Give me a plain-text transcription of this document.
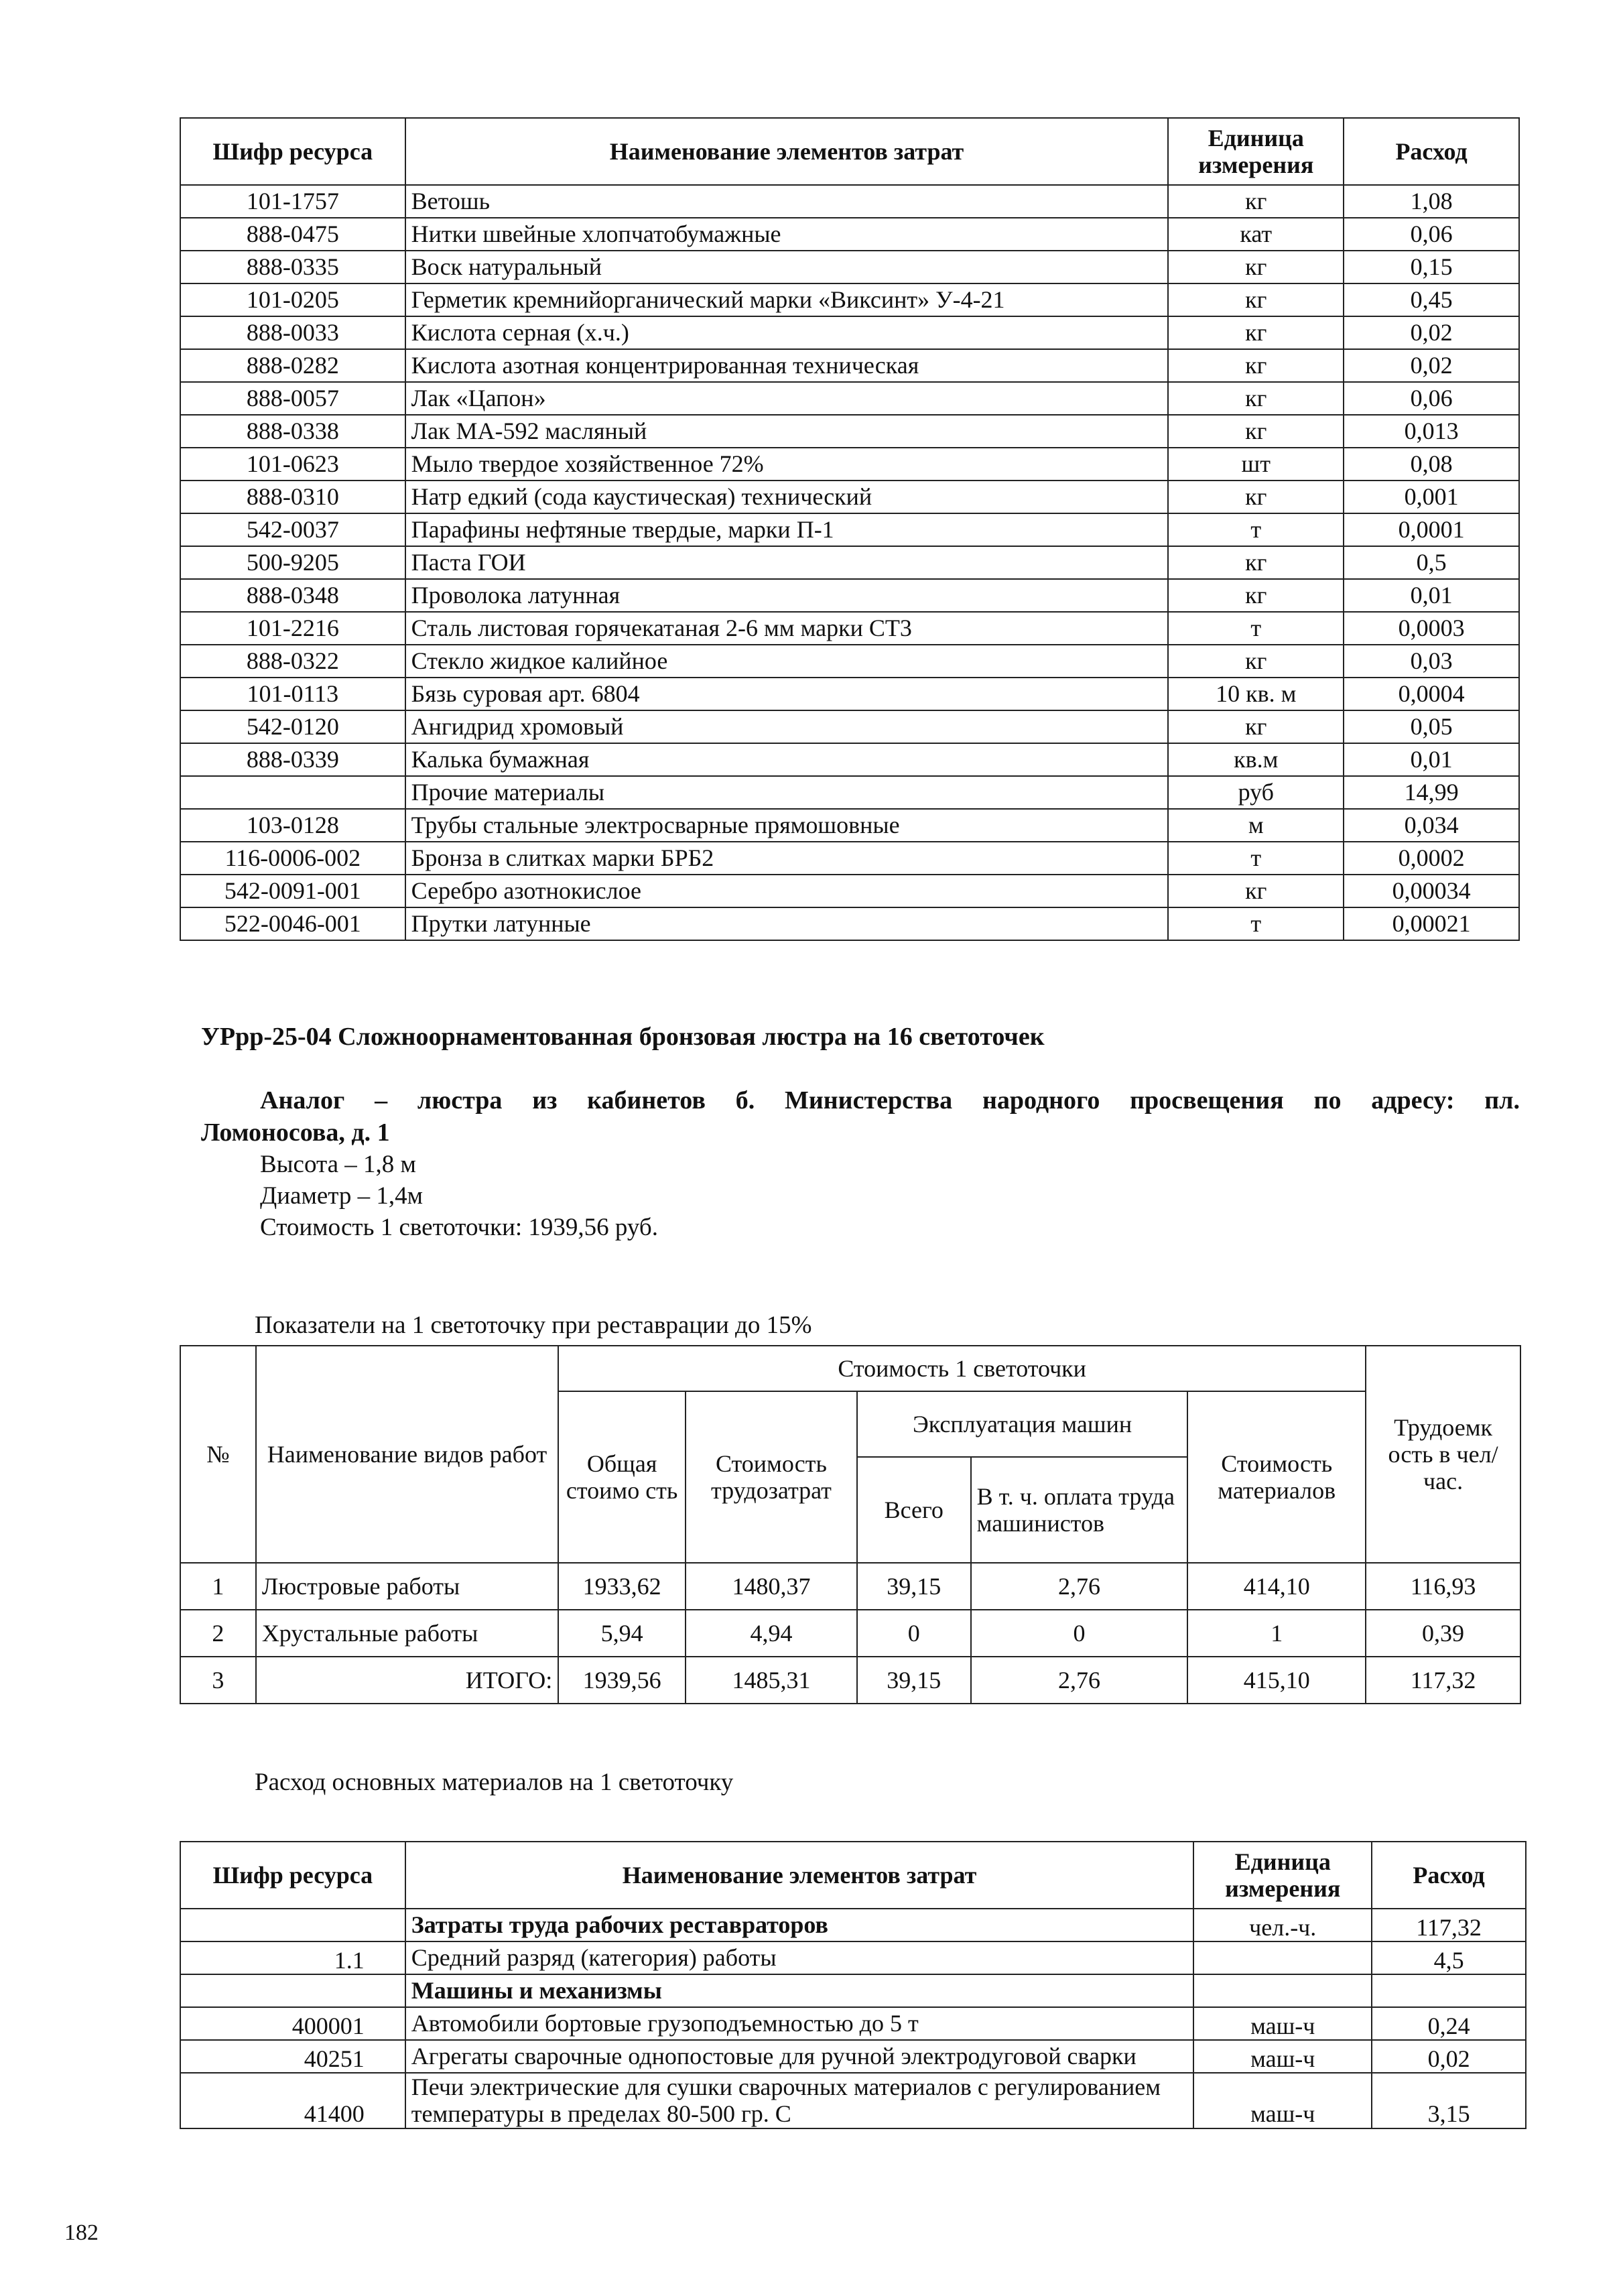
Шифр ресурса	Наименование элементов затрат	Единица измерения	Расход
101-1757	Ветошь	кг	1,08
888-0475	Нитки швейные хлопчатобумажные	кат	0,06
888-0335	Воск натуральный	кг	0,15
101-0205	Герметик кремнийорганический марки «Виксинт» У-4-21	кг	0,45
888-0033	Кислота серная (х.ч.)	кг	0,02
888-0282	Кислота азотная концентрированная техническая	кг	0,02
888-0057	Лак «Цапон»	кг	0,06
888-0338	Лак МА-592 масляный	кг	0,013
101-0623	Мыло твердое хозяйственное 72%	шт	0,08
888-0310	Натр едкий (сода каустическая) технический	кг	0,001
542-0037	Парафины нефтяные твердые, марки П-1	т	0,0001
500-9205	Паста ГОИ	кг	0,5
888-0348	Проволока латунная	кг	0,01
101-2216	Сталь листовая горячекатаная 2-6 мм марки СТ3	т	0,0003
888-0322	Стекло жидкое калийное	кг	0,03
101-0113	Бязь суровая арт. 6804	10 кв. м	0,0004
542-0120	Ангидрид хромовый	кг	0,05
888-0339	Калька бумажная	кв.м	0,01
	Прочие материалы	руб	14,99
103-0128	Трубы стальные электросварные прямошовные	м	0,034
116-0006-002	Бронза в слитках марки БРБ2	т	0,0002
542-0091-001	Серебро азотнокислое	кг	0,00034
522-0046-001	Прутки латунные	т	0,00021
УРрр-25-04 Сложноорнаментованная бронзовая люстра на 16 светоточек
Аналог – люстра из кабинетов б. Министерства народного просвещения по адресу: пл.
Ломоносова, д. 1
Высота – 1,8 м
Диаметр – 1,4м
Стоимость 1 светоточки: 1939,56 руб.
Показатели на 1 светоточку при реставрации до 15%
№	Наименование видов работ	Стоимость 1 светоточки					Трудоемк ость в чел/час.
		Общая стоимо сть	Стоимость трудозатрат	Эксплуатация машин		Стоимость материалов	
				Всего	В т. ч. оплата труда машинистов		
1	Люстровые работы	1933,62	1480,37	39,15	2,76	414,10	116,93
2	Хрустальные работы	5,94	4,94	0	0	1	0,39
3	ИТОГО:	1939,56	1485,31	39,15	2,76	415,10	117,32
Расход основных материалов на 1 светоточку
Шифр ресурса	Наименование элементов затрат	Единица измерения	Расход
	Затраты труда рабочих реставраторов	чел.-ч.	117,32
1.1	Средний разряд (категория) работы		4,5
	Машины и механизмы		
400001	Автомобили бортовые грузоподъемностью до 5 т	маш-ч	0,24
40251	Агрегаты сварочные однопостовые для ручной электродуговой сварки	маш-ч	0,02
41400	Печи электрические для сушки сварочных материалов с регулированием температуры в пределах 80-500 гр. С	маш-ч	3,15
182
